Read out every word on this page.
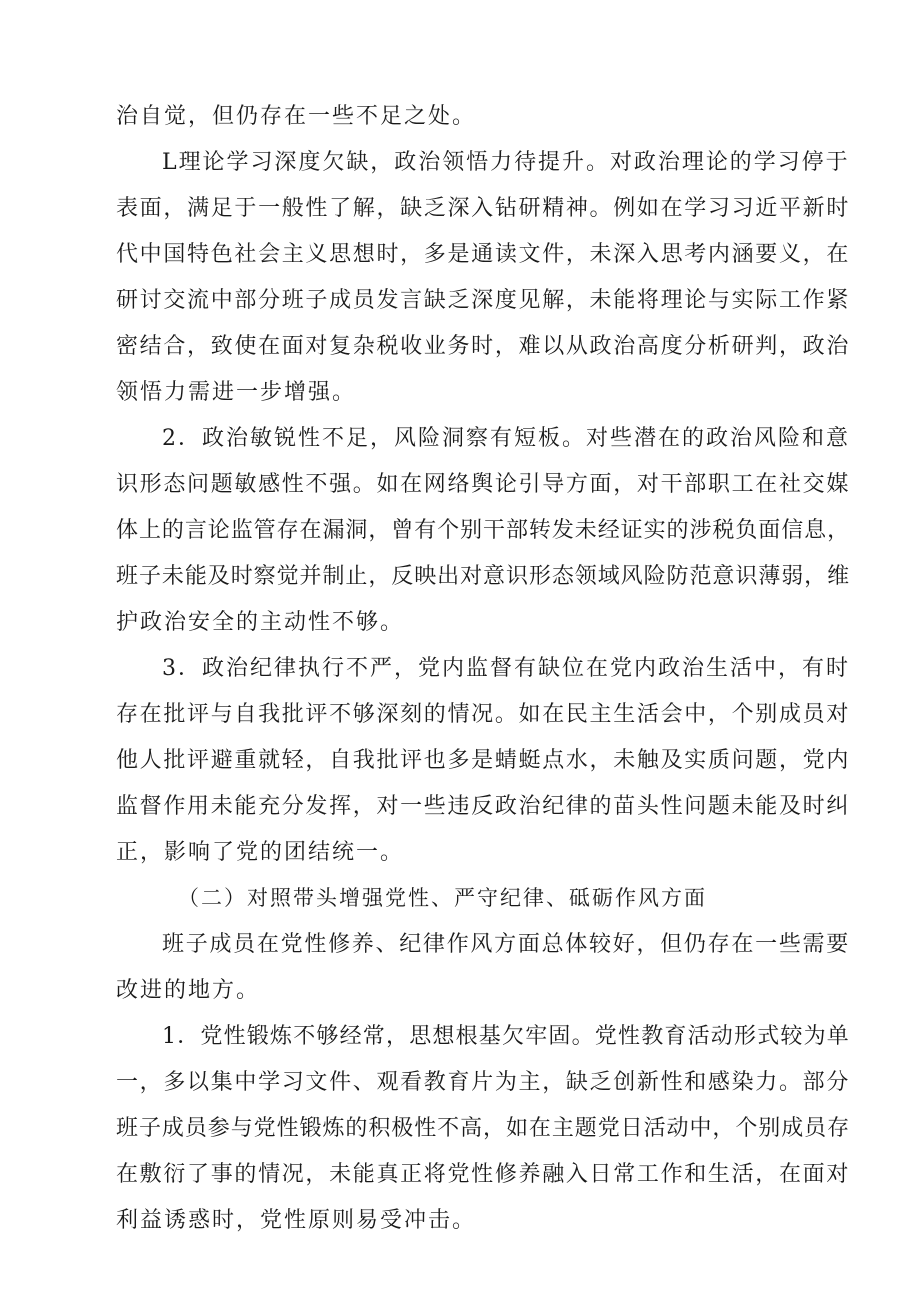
治自觉，但仍存在一些不足之处。
L理论学习深度欠缺，政治领悟力待提升。对政治理论的学习停于
表面，满足于一般性了解，缺乏深入钻研精神。例如在学习习近平新时
代中国特色社会主义思想时，多是通读文件，未深入思考内涵要义，在
研讨交流中部分班子成员发言缺乏深度见解，未能将理论与实际工作紧
密结合，致使在面对复杂税收业务时，难以从政治高度分析研判，政治
领悟力需进一步增强。
2．政治敏锐性不足，风险洞察有短板。对些潜在的政治风险和意
识形态问题敏感性不强。如在网络舆论引导方面，对干部职工在社交媒
体上的言论监管存在漏洞，曾有个别干部转发未经证实的涉税负面信息，
班子未能及时察觉并制止，反映出对意识形态领域风险防范意识薄弱，维
护政治安全的主动性不够。
3．政治纪律执行不严，党内监督有缺位在党内政治生活中，有时
存在批评与自我批评不够深刻的情况。如在民主生活会中，个别成员对
他人批评避重就轻，自我批评也多是蜻蜓点水，未触及实质问题，党内
监督作用未能充分发挥，对一些违反政治纪律的苗头性问题未能及时纠
正，影响了党的团结统一。
（二）对照带头增强党性、严守纪律、砥砺作风方面
班子成员在党性修养、纪律作风方面总体较好，但仍存在一些需要
改进的地方。
1．党性锻炼不够经常，思想根基欠牢固。党性教育活动形式较为单
一，多以集中学习文件、观看教育片为主，缺乏创新性和感染力。部分
班子成员参与党性锻炼的积极性不高，如在主题党日活动中，个别成员存
在敷衍了事的情况，未能真正将党性修养融入日常工作和生活，在面对
利益诱惑时，党性原则易受冲击。
